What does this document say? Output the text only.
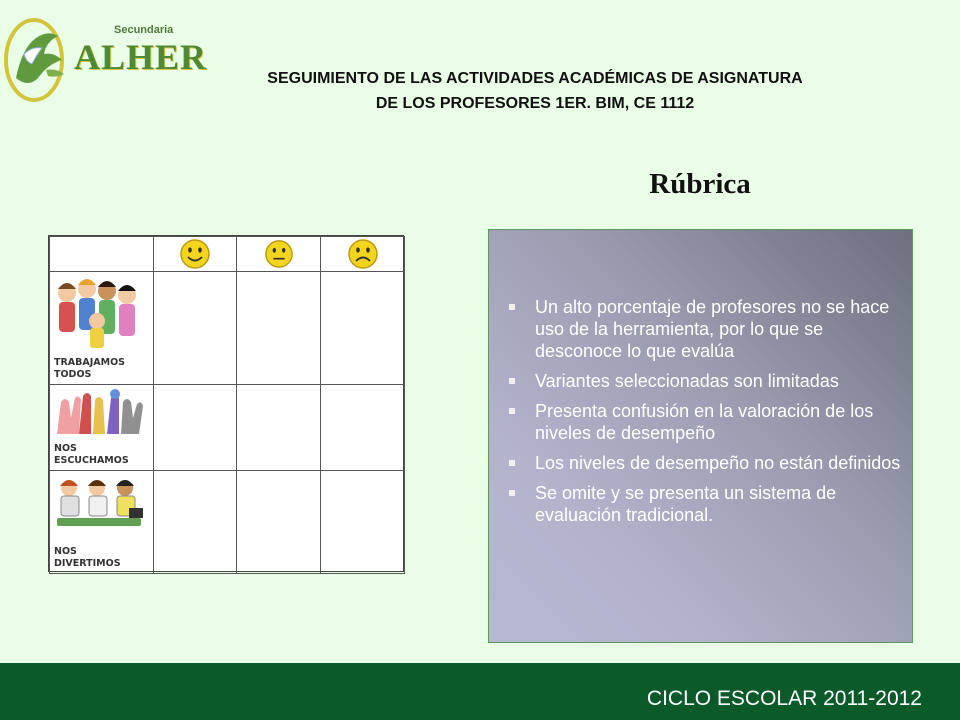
Secundaria
ALHER
SEGUIMIENTO DE LAS ACTIVIDADES ACADÉMICAS DE ASIGNATURA
DE LOS PROFESORES 1ER. BIM, CE 1112
Rúbrica

TRABAJAMOS
TODOS			

NOS
ESCUCHAMOS			

NOS
DIVERTIMOS			

Un alto porcentaje de profesores no se hace uso de la herramienta, por lo que se desconoce lo que evalúa
Variantes seleccionadas son limitadas
Presenta confusión en la valoración de los niveles de desempeño
Los niveles de desempeño no están definidos
Se omite y se presenta un sistema de evaluación tradicional.
CICLO ESCOLAR 2011-2012
